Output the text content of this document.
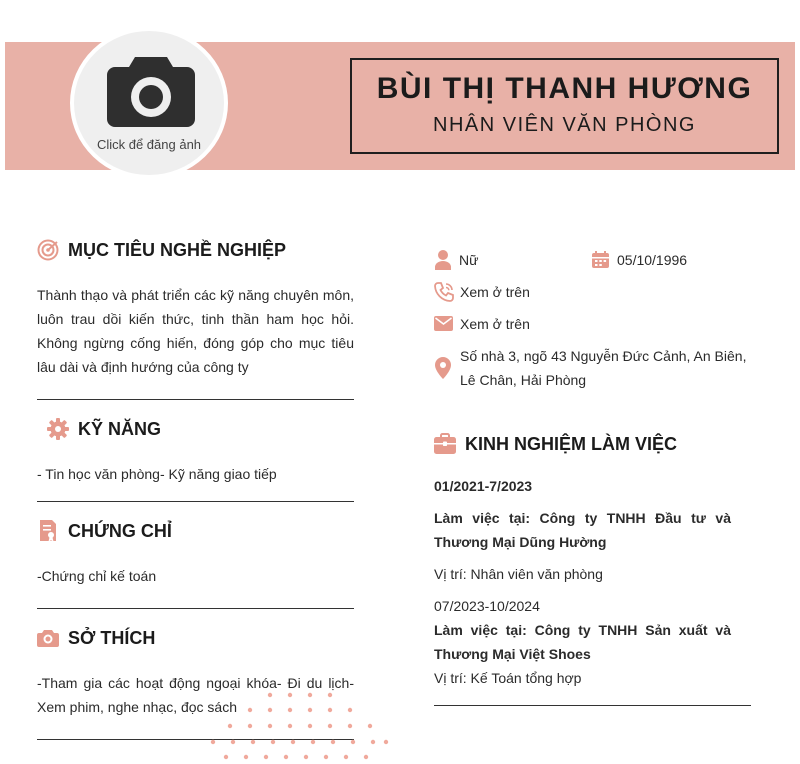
Click để đăng ảnh
BÙI THỊ THANH HƯƠNG
NHÂN VIÊN VĂN PHÒNG
MỤC TIÊU NGHỀ NGHIỆP
Thành thạo và phát triển các kỹ năng chuyên môn, luôn trau dồi kiến thức, tinh thần ham học hỏi. Không ngừng cống hiến, đóng góp cho mục tiêu lâu dài và định hướng của công ty
KỸ NĂNG
- Tin học văn phòng- Kỹ năng giao tiếp
CHỨNG CHỈ
-Chứng chỉ kế toán
SỞ THÍCH
-Tham gia các hoạt động ngoại khóa- Đi du lịch- Xem phim, nghe nhạc, đọc sách
Nữ	05/10/1996
Xem ở trên
Xem ở trên
Số nhà 3, ngõ 43 Nguyễn Đức Cảnh, An Biên, Lê Chân, Hải Phòng
KINH NGHIỆM LÀM VIỆC
01/2021-7/2023
Làm việc tại: Công ty TNHH Đầu tư và Thương Mại Dũng Hường
Vị trí: Nhân viên văn phòng
07/2023-10/2024
Làm việc tại: Công ty TNHH Sản xuất và Thương Mại Việt Shoes
Vị trí: Kế Toán tổng hợp
